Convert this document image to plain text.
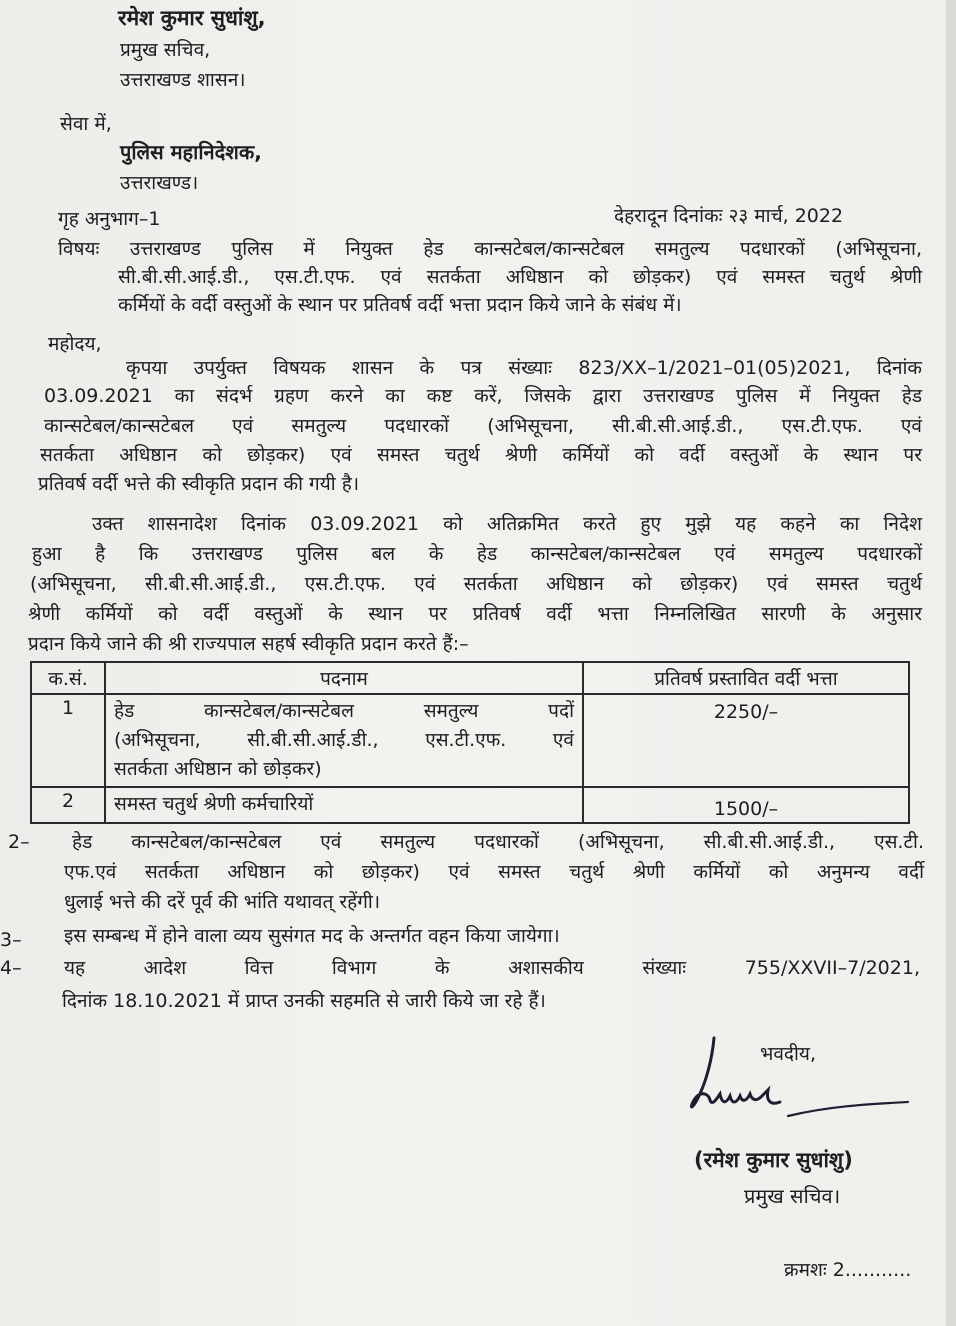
रमेश कुमार सुधांशु,
प्रमुख सचिव,
उत्तराखण्ड शासन।
सेवा में,
पुलिस महानिदेशक,
उत्तराखण्ड।
गृह अनुभाग–1	देहरादून दिनांकः २३ मार्च, 2022
विषयः उत्तराखण्ड पुलिस में नियुक्त हेड कान्सटेबल/कान्सटेबल समतुल्य पदधारकों (अभिसूचना,
सी.बी.सी.आई.डी., एस.टी.एफ. एवं सतर्कता अधिष्ठान को छोड़कर) एवं समस्त चतुर्थ श्रेणी
कर्मियों के वर्दी वस्तुओं के स्थान पर प्रतिवर्ष वर्दी भत्ता प्रदान किये जाने के संबंध में।
महोदय,
कृपया उपर्युक्त विषयक शासन के पत्र संख्याः 823/XX–1/2021–01(05)2021, दिनांक
03.09.2021 का संदर्भ ग्रहण करने का कष्ट करें, जिसके द्वारा उत्तराखण्ड पुलिस में नियुक्त हेड
कान्सटेबल/कान्सटेबल एवं समतुल्य पदधारकों (अभिसूचना, सी.बी.सी.आई.डी., एस.टी.एफ. एवं
सतर्कता अधिष्ठान को छोड़कर) एवं समस्त चतुर्थ श्रेणी कर्मियों को वर्दी वस्तुओं के स्थान पर
प्रतिवर्ष वर्दी भत्ते की स्वीकृति प्रदान की गयी है।
उक्त शासनादेश दिनांक 03.09.2021 को अतिक्रमित करते हुए मुझे यह कहने का निदेश
हुआ है कि उत्तराखण्ड पुलिस बल के हेड कान्सटेबल/कान्सटेबल एवं समतुल्य पदधारकों
(अभिसूचना, सी.बी.सी.आई.डी., एस.टी.एफ. एवं सतर्कता अधिष्ठान को छोड़कर) एवं समस्त चतुर्थ
श्रेणी कर्मियों को वर्दी वस्तुओं के स्थान पर प्रतिवर्ष वर्दी भत्ता निम्नलिखित सारणी के अनुसार
प्रदान किये जाने की श्री राज्यपाल सहर्ष स्वीकृति प्रदान करते हैं:–
क.सं.	पदनाम	प्रतिवर्ष प्रस्तावित वर्दी भत्ता
1	हेड कान्सटेबल/कान्सटेबल समतुल्य पदों
(अभिसूचना, सी.बी.सी.आई.डी., एस.टी.एफ. एवं
सतर्कता अधिष्ठान को छोड़कर)	2250/–
2	समस्त चतुर्थ श्रेणी कर्मचारियों	1500/–
2– हेड कान्सटेबल/कान्सटेबल एवं समतुल्य पदधारकों (अभिसूचना, सी.बी.सी.आई.डी., एस.टी.
एफ.एवं सतर्कता अधिष्ठान को छोड़कर) एवं समस्त चतुर्थ श्रेणी कर्मियों को अनुमन्य वर्दी
धुलाई भत्ते की दरें पूर्व की भांति यथावत् रहेंगी।
3– इस सम्बन्ध में होने वाला व्यय सुसंगत मद के अन्तर्गत वहन किया जायेगा।
4– यह आदेश वित्त विभाग के अशासकीय संख्याः 755/XXVII–7/2021,
दिनांक 18.10.2021 में प्राप्त उनकी सहमति से जारी किये जा रहे हैं।
भवदीय,
(रमेश कुमार सुधांशु)
प्रमुख सचिव।
क्रमशः 2...........
